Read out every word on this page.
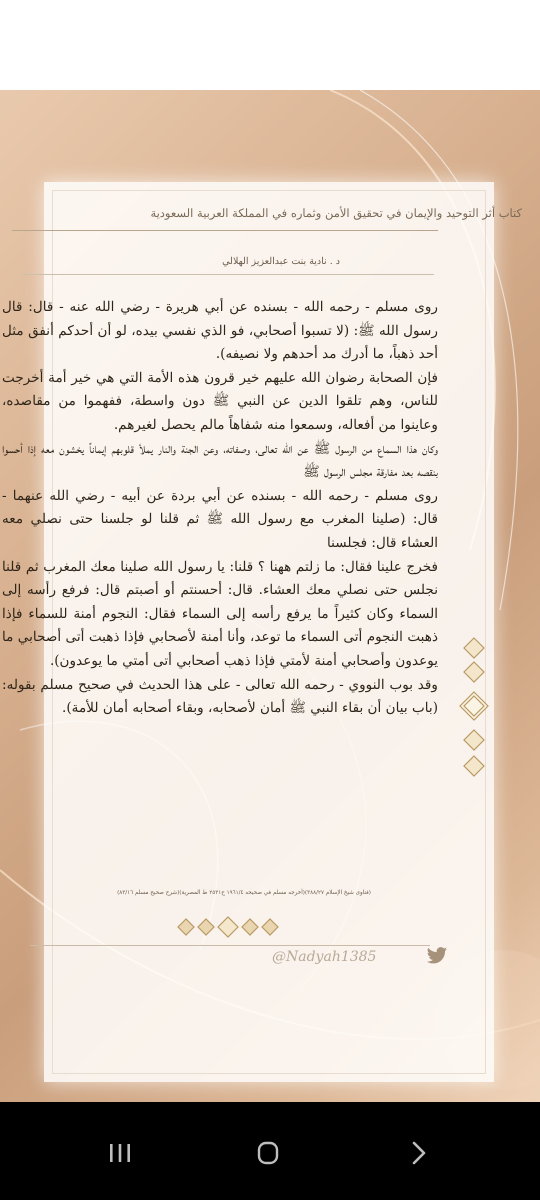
كتاب أثر التوحيد والإيمان في تحقيق الأمن وثماره في المملكة العربية السعودية
د . نادية بنت عبدالعزيز الهلالي

روى مسلم - رحمه الله - بسنده عن أبي هريرة - رضي الله عنه - قال: قال رسول الله ﷺ: (لا تسبوا أصحابي، فو الذي نفسي بيده، لو أن أحدكم أنفق مثل أحد ذهباً، ما أدرك مد أحدهم ولا نصيفه).

فإن الصحابة رضوان الله عليهم خير قرون هذه الأمة التي هي خير أمة أخرجت للناس، وهم تلقوا الدين عن النبي ﷺ دون واسطة، ففهموا من مقاصده، وعاينوا من أفعاله، وسمعوا منه شفاهاً مالم يحصل لغيرهم.

وكان هذا السماع من الرسول ﷺ عن الله تعالى، وصفاته، وعن الجنة والنار يملأ قلوبهم إيماناً يخشون معه إذا أحسوا بنقصه بعد مفارقة مجلس الرسول ﷺ

روى مسلم - رحمه الله - بسنده عن أبي بردة عن أبيه - رضي الله عنهما - قال: (صلينا المغرب مع رسول الله ﷺ ثم قلنا لو جلسنا حتى نصلي معه العشاء قال: فجلسنا

فخرج علينا فقال: ما زلتم ههنا ؟ قلنا: يا رسول الله صلينا معك المغرب ثم قلنا نجلس حتى نصلي معك العشاء. قال: أحسنتم أو أصبتم قال: فرفع رأسه إلى السماء وكان كثيراً ما يرفع رأسه إلى السماء فقال: النجوم أمنة للسماء فإذا ذهبت النجوم أتى السماء ما توعد، وأنا أمنة لأصحابي فإذا ذهبت أتى أصحابي ما يوعدون وأصحابي أمنة لأمتي فإذا ذهب أصحابي أتى أمتي ما يوعدون).

وقد بوب النووي - رحمه الله تعالى - على هذا الحديث في صحيح مسلم بقوله: (باب بيان أن بقاء النبي ﷺ أمان لأصحابه، وبقاء أصحابه أمان للأمة).

(فتاوى شيخ الإسلام ٣٨٨/٢٧)(أخرجه مسلم في صحيحه ١٩٦١/٤ ح٢٥٣١ ط المصرية)(شرح صحيح مسلم ٨٣/١٦)
@Nadyah1385
